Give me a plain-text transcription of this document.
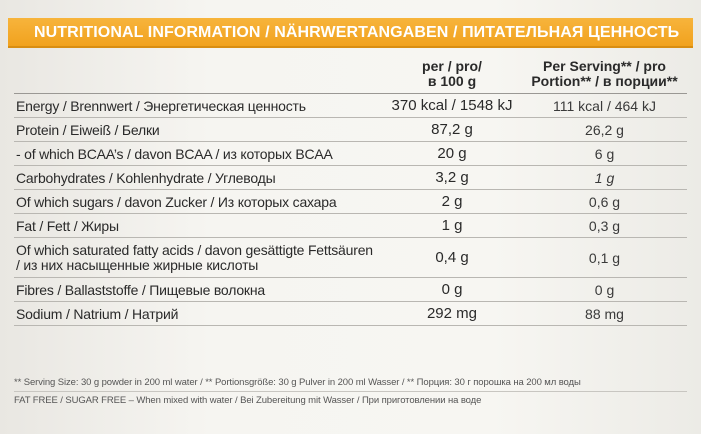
NUTRITIONAL INFORMATION / NÄHRWERTANGABEN / ПИТАТЕЛЬНАЯ ЦЕННОСТЬ
per / pro/
в 100 g
Per Serving** / pro
Portion** / в порции**
Energy / Brennwert / Энергетическая ценность	370 kcal / 1548 kJ	111 kcal / 464 kJ
Protein / Eiweiß / Белки	87,2 g	26,2 g
- of which BCAA’s / davon BCAA / из которых BCAA	20 g	6 g
Carbohydrates / Kohlenhydrate / Углеводы	3,2 g	1 g
Of which sugars / davon Zucker / Из которых сахара	2 g	0,6 g
Fat / Fett / Жиры	1 g	0,3 g
Of which saturated fatty acids / davon gesättigte Fettsäuren / из них насыщенные жирные кислоты	0,4 g	0,1 g
Fibres / Ballaststoffe / Пищевые волокна	0 g	0 g
Sodium / Natrium / Натрий	292 mg	88 mg
** Serving Size: 30 g powder in 200 ml water / ** Portionsgröße: 30 g Pulver in 200 ml Wasser / ** Порция: 30 г порошка на 200 мл воды
FAT FREE / SUGAR FREE – When mixed with water / Bei Zubereitung mit Wasser / При приготовлении на воде
